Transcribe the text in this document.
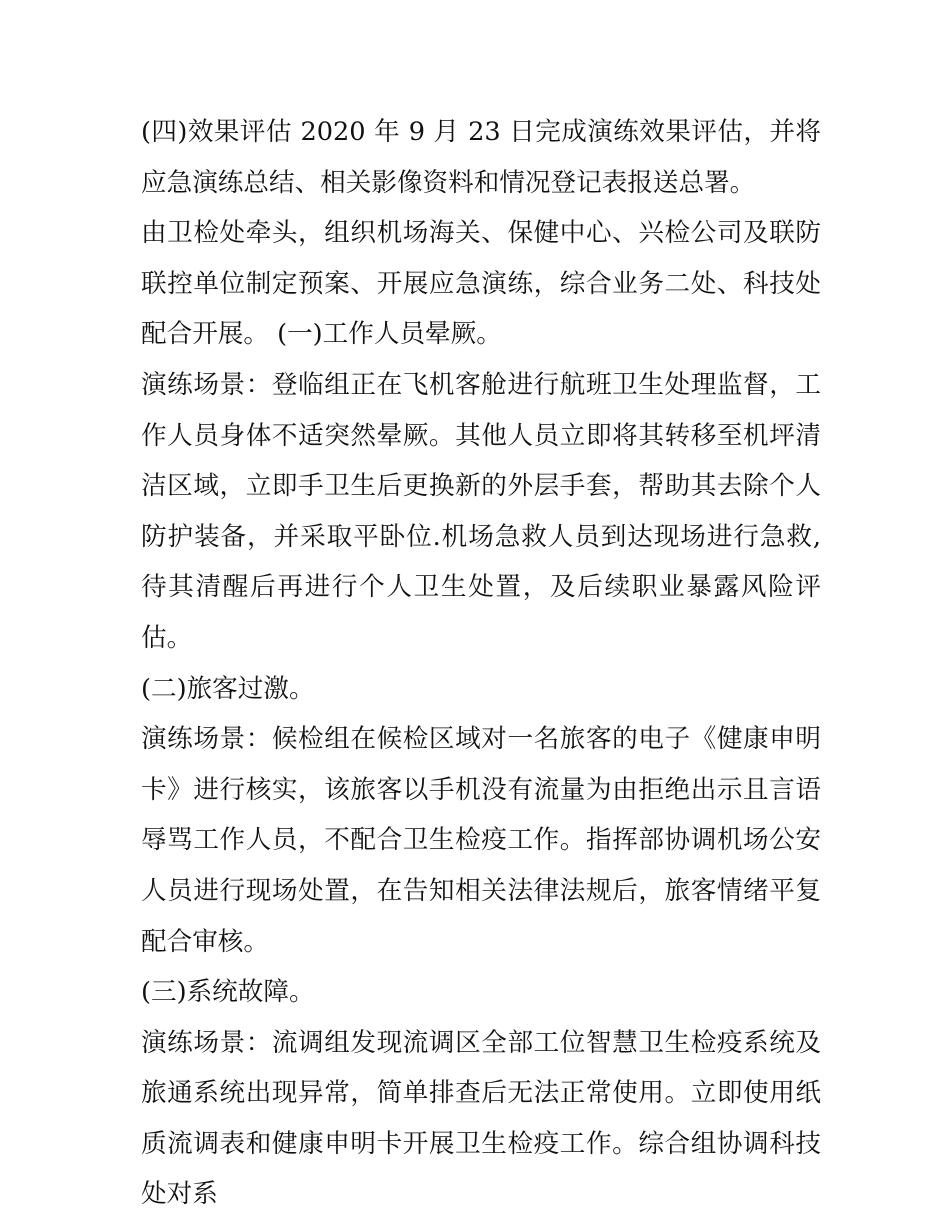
(四)效果评估 2020 年 9 月 23 日完成演练效果评估，并将应急演练总结、相关影像资料和情况登记表报送总署。

由卫检处牵头，组织机场海关、保健中心、兴检公司及联防联控单位制定预案、开展应急演练，综合业务二处、科技处配合开展。 (一)工作人员晕厥。

演练场景：登临组正在飞机客舱进行航班卫生处理监督，工作人员身体不适突然晕厥。其他人员立即将其转移至机坪清洁区域，立即手卫生后更换新的外层手套，帮助其去除个人防护装备，并采取平卧位.机场急救人员到达现场进行急救,待其清醒后再进行个人卫生处置，及后续职业暴露风险评估。

(二)旅客过激。

演练场景：候检组在候检区域对一名旅客的电子《健康申明卡》进行核实，该旅客以手机没有流量为由拒绝出示且言语辱骂工作人员，不配合卫生检疫工作。指挥部协调机场公安人员进行现场处置，在告知相关法律法规后，旅客情绪平复配合审核。

(三)系统故障。

演练场景：流调组发现流调区全部工位智慧卫生检疫系统及旅通系统出现异常，简单排查后无法正常使用。立即使用纸质流调表和健康申明卡开展卫生检疫工作。综合组协调科技处对系
